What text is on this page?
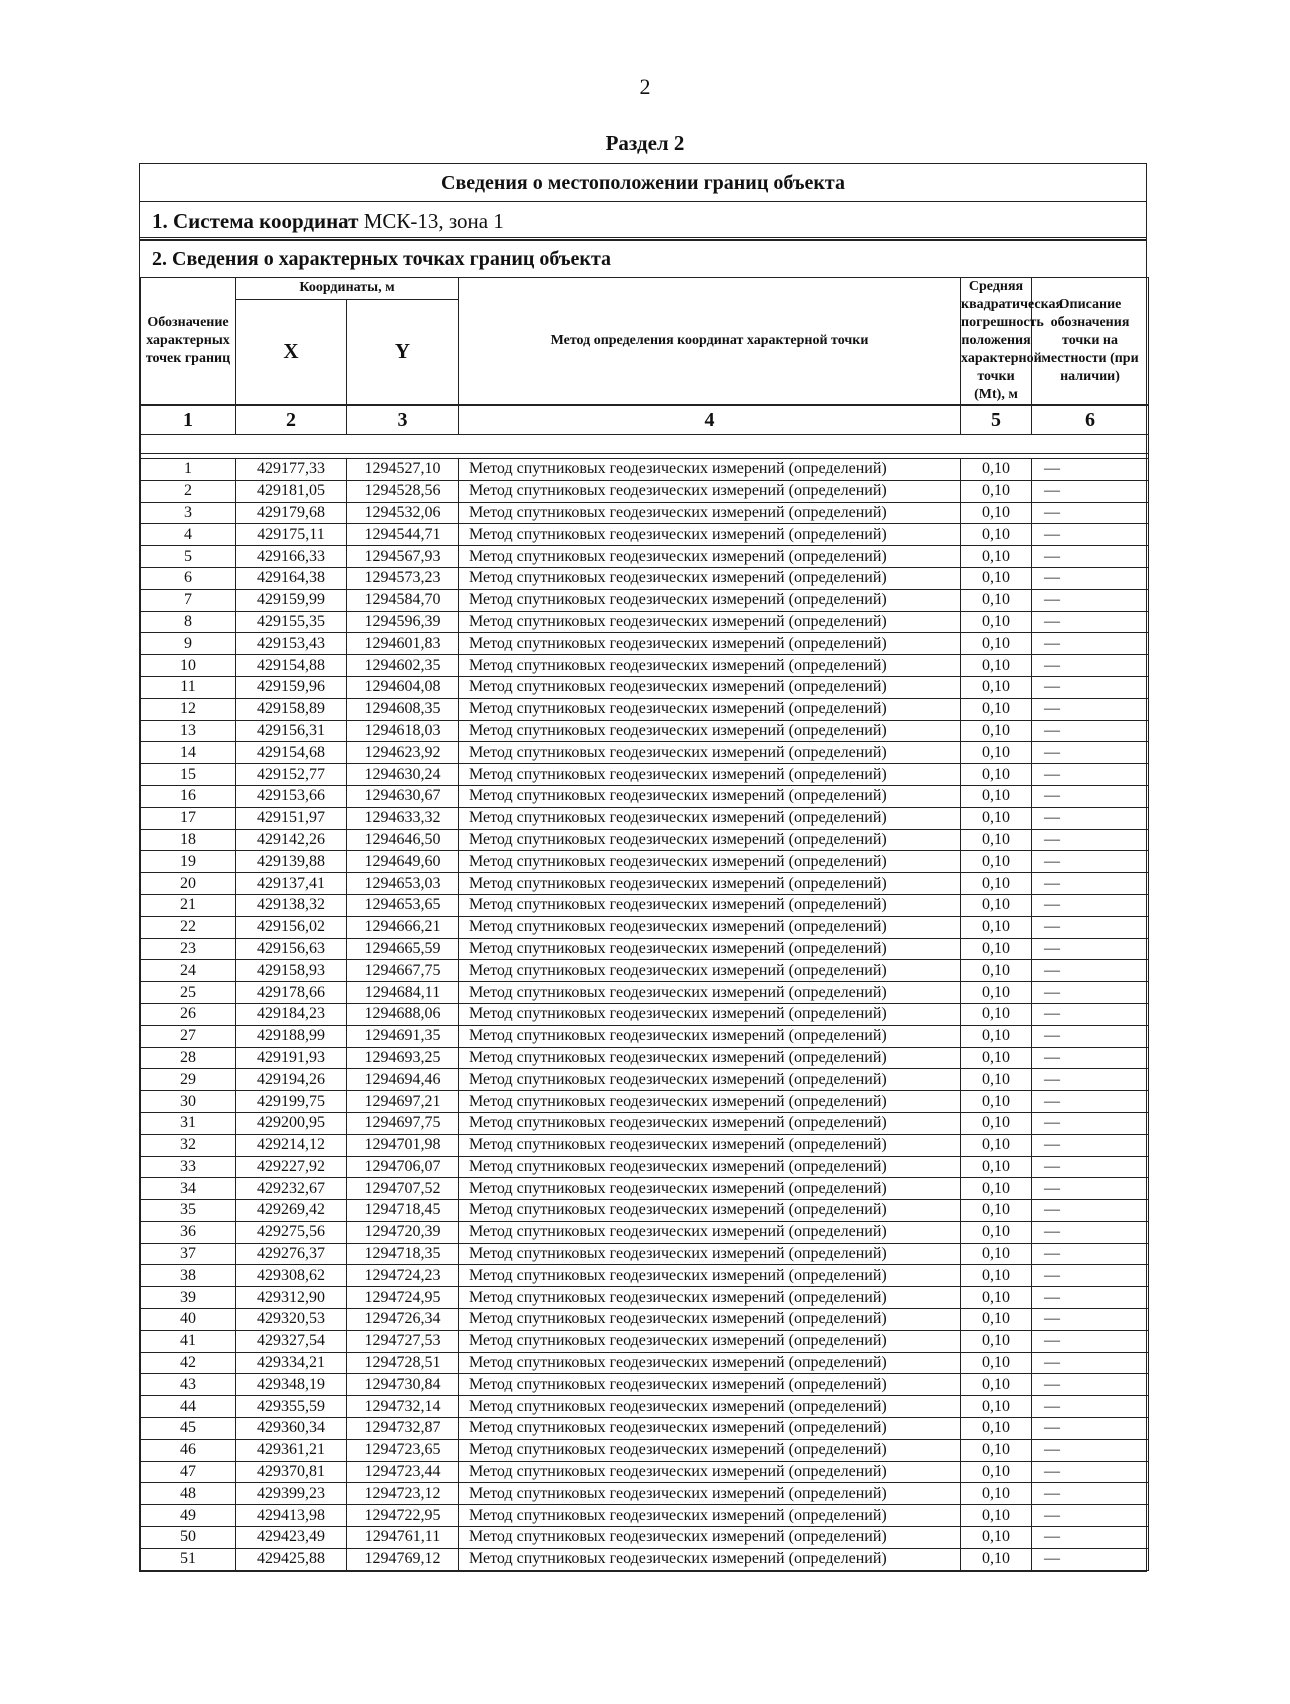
2
Раздел 2
Сведения о местоположении границ объекта
1. Система координат МСК-13, зона 1
2. Сведения о характерных точках границ объекта
Обозначение характерных точек границ	Координаты, м		Метод определения координат характерной точки	Средняя квадратическая погрешность положения характерной точки (Mt), м	Описание обозначения точки на местности (при наличии)
	X	Y			
1	2	3	4	5	6

1	429177,33	1294527,10	Метод спутниковых геодезических измерений (определений)	0,10	—
2	429181,05	1294528,56	Метод спутниковых геодезических измерений (определений)	0,10	—
3	429179,68	1294532,06	Метод спутниковых геодезических измерений (определений)	0,10	—
4	429175,11	1294544,71	Метод спутниковых геодезических измерений (определений)	0,10	—
5	429166,33	1294567,93	Метод спутниковых геодезических измерений (определений)	0,10	—
6	429164,38	1294573,23	Метод спутниковых геодезических измерений (определений)	0,10	—
7	429159,99	1294584,70	Метод спутниковых геодезических измерений (определений)	0,10	—
8	429155,35	1294596,39	Метод спутниковых геодезических измерений (определений)	0,10	—
9	429153,43	1294601,83	Метод спутниковых геодезических измерений (определений)	0,10	—
10	429154,88	1294602,35	Метод спутниковых геодезических измерений (определений)	0,10	—
11	429159,96	1294604,08	Метод спутниковых геодезических измерений (определений)	0,10	—
12	429158,89	1294608,35	Метод спутниковых геодезических измерений (определений)	0,10	—
13	429156,31	1294618,03	Метод спутниковых геодезических измерений (определений)	0,10	—
14	429154,68	1294623,92	Метод спутниковых геодезических измерений (определений)	0,10	—
15	429152,77	1294630,24	Метод спутниковых геодезических измерений (определений)	0,10	—
16	429153,66	1294630,67	Метод спутниковых геодезических измерений (определений)	0,10	—
17	429151,97	1294633,32	Метод спутниковых геодезических измерений (определений)	0,10	—
18	429142,26	1294646,50	Метод спутниковых геодезических измерений (определений)	0,10	—
19	429139,88	1294649,60	Метод спутниковых геодезических измерений (определений)	0,10	—
20	429137,41	1294653,03	Метод спутниковых геодезических измерений (определений)	0,10	—
21	429138,32	1294653,65	Метод спутниковых геодезических измерений (определений)	0,10	—
22	429156,02	1294666,21	Метод спутниковых геодезических измерений (определений)	0,10	—
23	429156,63	1294665,59	Метод спутниковых геодезических измерений (определений)	0,10	—
24	429158,93	1294667,75	Метод спутниковых геодезических измерений (определений)	0,10	—
25	429178,66	1294684,11	Метод спутниковых геодезических измерений (определений)	0,10	—
26	429184,23	1294688,06	Метод спутниковых геодезических измерений (определений)	0,10	—
27	429188,99	1294691,35	Метод спутниковых геодезических измерений (определений)	0,10	—
28	429191,93	1294693,25	Метод спутниковых геодезических измерений (определений)	0,10	—
29	429194,26	1294694,46	Метод спутниковых геодезических измерений (определений)	0,10	—
30	429199,75	1294697,21	Метод спутниковых геодезических измерений (определений)	0,10	—
31	429200,95	1294697,75	Метод спутниковых геодезических измерений (определений)	0,10	—
32	429214,12	1294701,98	Метод спутниковых геодезических измерений (определений)	0,10	—
33	429227,92	1294706,07	Метод спутниковых геодезических измерений (определений)	0,10	—
34	429232,67	1294707,52	Метод спутниковых геодезических измерений (определений)	0,10	—
35	429269,42	1294718,45	Метод спутниковых геодезических измерений (определений)	0,10	—
36	429275,56	1294720,39	Метод спутниковых геодезических измерений (определений)	0,10	—
37	429276,37	1294718,35	Метод спутниковых геодезических измерений (определений)	0,10	—
38	429308,62	1294724,23	Метод спутниковых геодезических измерений (определений)	0,10	—
39	429312,90	1294724,95	Метод спутниковых геодезических измерений (определений)	0,10	—
40	429320,53	1294726,34	Метод спутниковых геодезических измерений (определений)	0,10	—
41	429327,54	1294727,53	Метод спутниковых геодезических измерений (определений)	0,10	—
42	429334,21	1294728,51	Метод спутниковых геодезических измерений (определений)	0,10	—
43	429348,19	1294730,84	Метод спутниковых геодезических измерений (определений)	0,10	—
44	429355,59	1294732,14	Метод спутниковых геодезических измерений (определений)	0,10	—
45	429360,34	1294732,87	Метод спутниковых геодезических измерений (определений)	0,10	—
46	429361,21	1294723,65	Метод спутниковых геодезических измерений (определений)	0,10	—
47	429370,81	1294723,44	Метод спутниковых геодезических измерений (определений)	0,10	—
48	429399,23	1294723,12	Метод спутниковых геодезических измерений (определений)	0,10	—
49	429413,98	1294722,95	Метод спутниковых геодезических измерений (определений)	0,10	—
50	429423,49	1294761,11	Метод спутниковых геодезических измерений (определений)	0,10	—
51	429425,88	1294769,12	Метод спутниковых геодезических измерений (определений)	0,10	—
